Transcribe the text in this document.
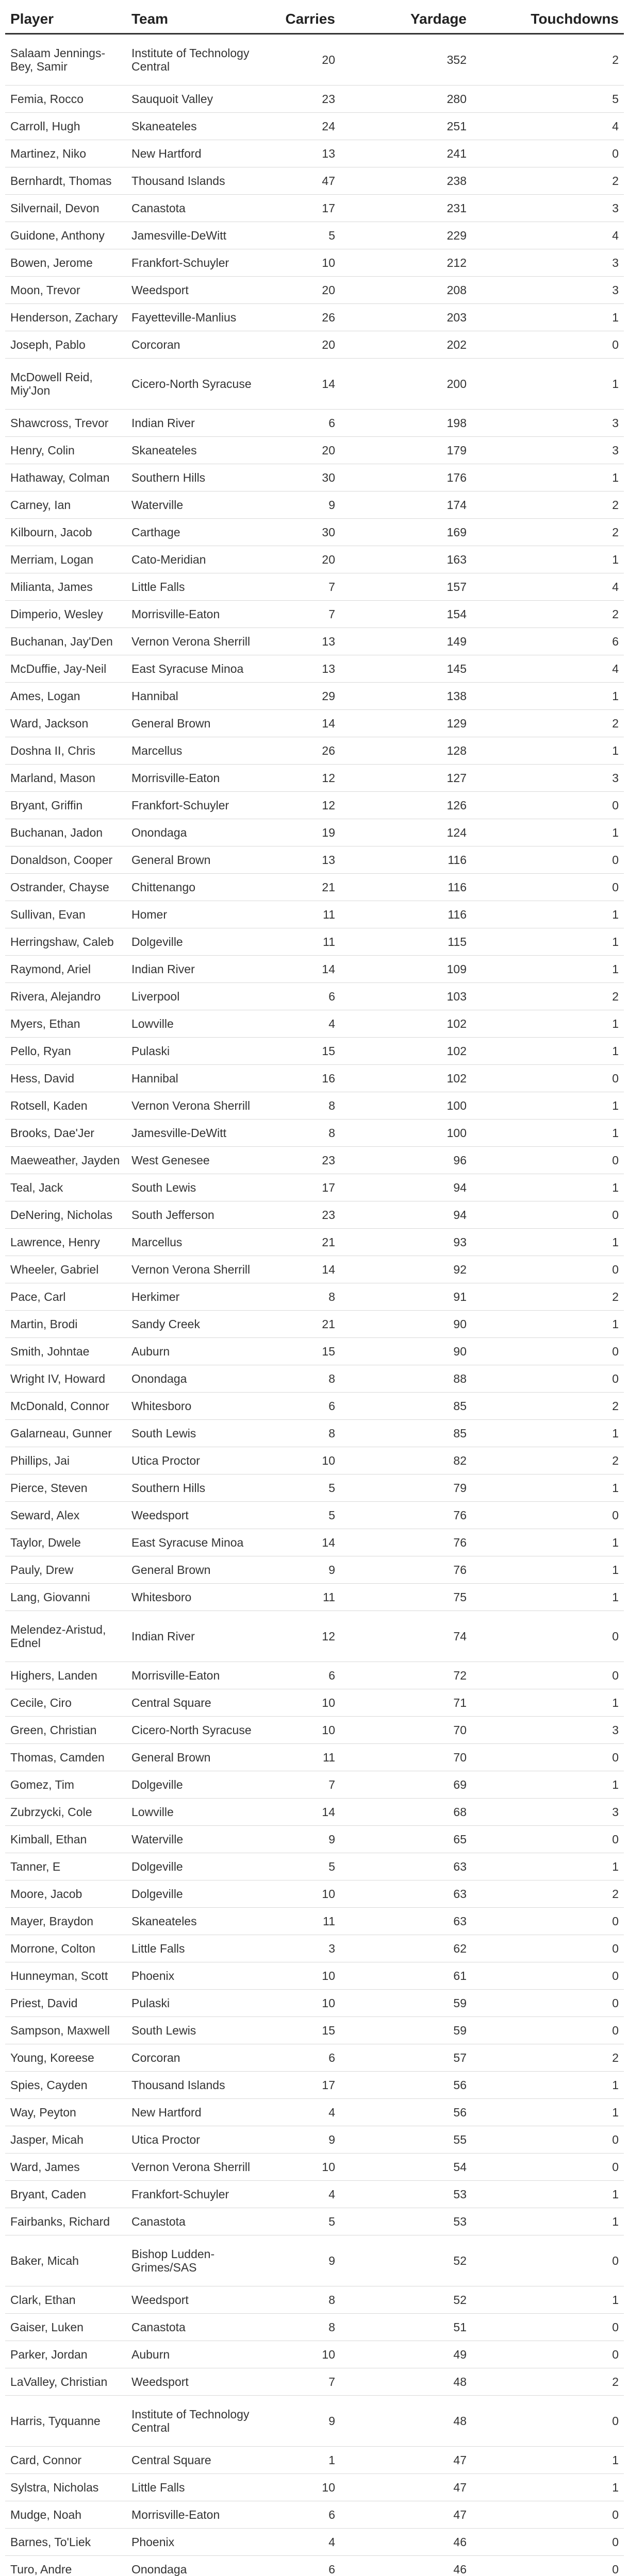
Player	Team	Carries	Yardage	Touchdowns
Salaam Jennings-Bey, Samir	Institute of Technology Central	20	352	2
Femia, Rocco	Sauquoit Valley	23	280	5
Carroll, Hugh	Skaneateles	24	251	4
Martinez, Niko	New Hartford	13	241	0
Bernhardt, Thomas	Thousand Islands	47	238	2
Silvernail, Devon	Canastota	17	231	3
Guidone, Anthony	Jamesville-DeWitt	5	229	4
Bowen, Jerome	Frankfort-Schuyler	10	212	3
Moon, Trevor	Weedsport	20	208	3
Henderson, Zachary	Fayetteville-Manlius	26	203	1
Joseph, Pablo	Corcoran	20	202	0
McDowell Reid, Miy'Jon	Cicero-North Syracuse	14	200	1
Shawcross, Trevor	Indian River	6	198	3
Henry, Colin	Skaneateles	20	179	3
Hathaway, Colman	Southern Hills	30	176	1
Carney, Ian	Waterville	9	174	2
Kilbourn, Jacob	Carthage	30	169	2
Merriam, Logan	Cato-Meridian	20	163	1
Milianta, James	Little Falls	7	157	4
Dimperio, Wesley	Morrisville-Eaton	7	154	2
Buchanan, Jay'Den	Vernon Verona Sherrill	13	149	6
McDuffie, Jay-Neil	East Syracuse Minoa	13	145	4
Ames, Logan	Hannibal	29	138	1
Ward, Jackson	General Brown	14	129	2
Doshna II, Chris	Marcellus	26	128	1
Marland, Mason	Morrisville-Eaton	12	127	3
Bryant, Griffin	Frankfort-Schuyler	12	126	0
Buchanan, Jadon	Onondaga	19	124	1
Donaldson, Cooper	General Brown	13	116	0
Ostrander, Chayse	Chittenango	21	116	0
Sullivan, Evan	Homer	11	116	1
Herringshaw, Caleb	Dolgeville	11	115	1
Raymond, Ariel	Indian River	14	109	1
Rivera, Alejandro	Liverpool	6	103	2
Myers, Ethan	Lowville	4	102	1
Pello, Ryan	Pulaski	15	102	1
Hess, David	Hannibal	16	102	0
Rotsell, Kaden	Vernon Verona Sherrill	8	100	1
Brooks, Dae'Jer	Jamesville-DeWitt	8	100	1
Maeweather, Jayden	West Genesee	23	96	0
Teal, Jack	South Lewis	17	94	1
DeNering, Nicholas	South Jefferson	23	94	0
Lawrence, Henry	Marcellus	21	93	1
Wheeler, Gabriel	Vernon Verona Sherrill	14	92	0
Pace, Carl	Herkimer	8	91	2
Martin, Brodi	Sandy Creek	21	90	1
Smith, Johntae	Auburn	15	90	0
Wright IV, Howard	Onondaga	8	88	0
McDonald, Connor	Whitesboro	6	85	2
Galarneau, Gunner	South Lewis	8	85	1
Phillips, Jai	Utica Proctor	10	82	2
Pierce, Steven	Southern Hills	5	79	1
Seward, Alex	Weedsport	5	76	0
Taylor, Dwele	East Syracuse Minoa	14	76	1
Pauly, Drew	General Brown	9	76	1
Lang, Giovanni	Whitesboro	11	75	1
Melendez-Aristud, Ednel	Indian River	12	74	0
Highers, Landen	Morrisville-Eaton	6	72	0
Cecile, Ciro	Central Square	10	71	1
Green, Christian	Cicero-North Syracuse	10	70	3
Thomas, Camden	General Brown	11	70	0
Gomez, Tim	Dolgeville	7	69	1
Zubrzycki, Cole	Lowville	14	68	3
Kimball, Ethan	Waterville	9	65	0
Tanner, E	Dolgeville	5	63	1
Moore, Jacob	Dolgeville	10	63	2
Mayer, Braydon	Skaneateles	11	63	0
Morrone, Colton	Little Falls	3	62	0
Hunneyman, Scott	Phoenix	10	61	0
Priest, David	Pulaski	10	59	0
Sampson, Maxwell	South Lewis	15	59	0
Young, Koreese	Corcoran	6	57	2
Spies, Cayden	Thousand Islands	17	56	1
Way, Peyton	New Hartford	4	56	1
Jasper, Micah	Utica Proctor	9	55	0
Ward, James	Vernon Verona Sherrill	10	54	0
Bryant, Caden	Frankfort-Schuyler	4	53	1
Fairbanks, Richard	Canastota	5	53	1
Baker, Micah	Bishop Ludden-Grimes/SAS	9	52	0
Clark, Ethan	Weedsport	8	52	1
Gaiser, Luken	Canastota	8	51	0
Parker, Jordan	Auburn	10	49	0
LaValley, Christian	Weedsport	7	48	2
Harris, Tyquanne	Institute of Technology Central	9	48	0
Card, Connor	Central Square	1	47	1
Sylstra, Nicholas	Little Falls	10	47	1
Mudge, Noah	Morrisville-Eaton	6	47	0
Barnes, To'Liek	Phoenix	4	46	0
Turo, Andre	Onondaga	6	46	0
